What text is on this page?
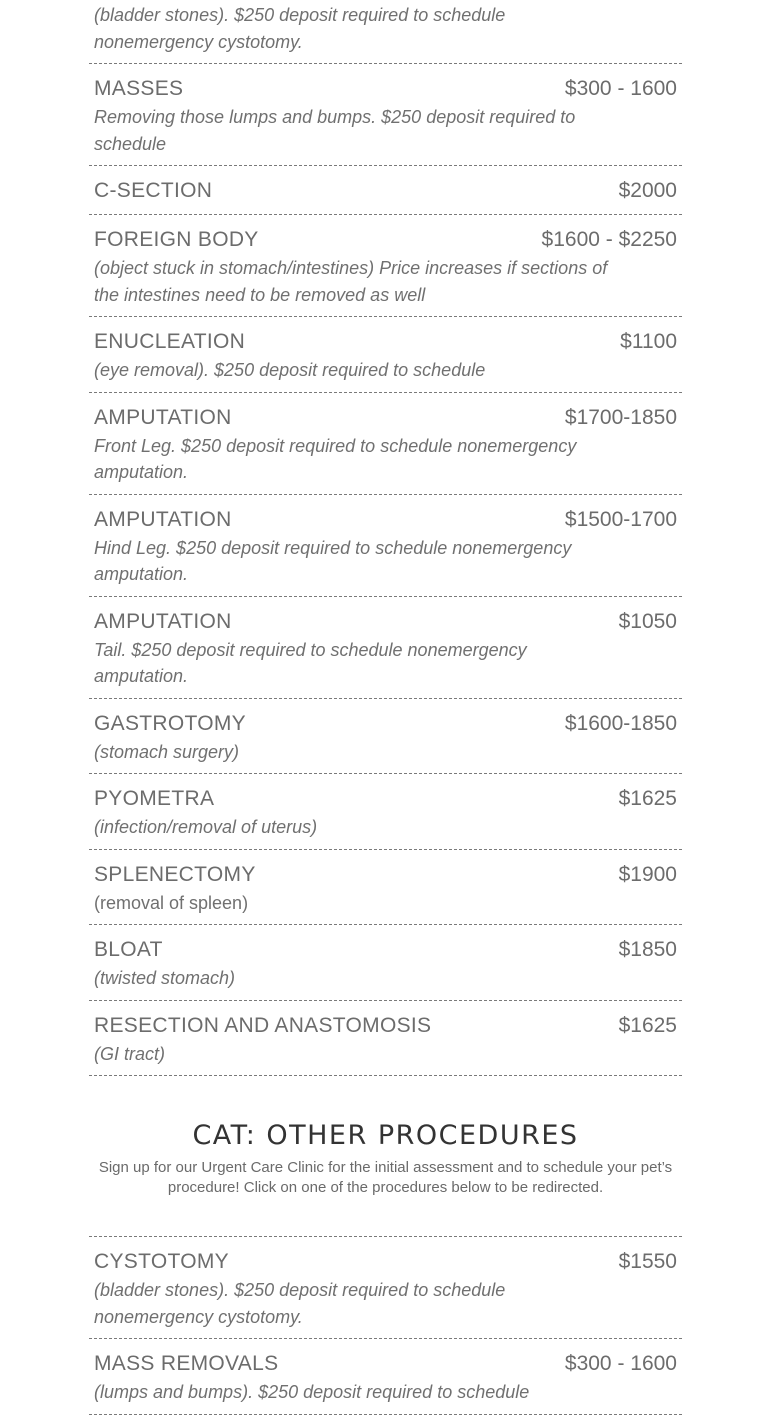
(bladder stones). $250 deposit required to schedule nonemergency cystotomy.
MASSES	$300 - 1600
Removing those lumps and bumps. $250 deposit required to schedule
C-SECTION	$2000
FOREIGN BODY	$1600 - $2250
(object stuck in stomach/intestines) Price increases if sections of the intestines need to be removed as well
ENUCLEATION	$1100
(eye removal). $250 deposit required to schedule
AMPUTATION	$1700-1850
Front Leg. $250 deposit required to schedule nonemergency amputation.
AMPUTATION	$1500-1700
Hind Leg. $250 deposit required to schedule nonemergency amputation.
AMPUTATION	$1050
Tail. $250 deposit required to schedule nonemergency amputation.
GASTROTOMY	$1600-1850
(stomach surgery)
PYOMETRA	$1625
(infection/removal of uterus)
SPLENECTOMY	$1900
(removal of spleen)
BLOAT	$1850
(twisted stomach)
RESECTION AND ANASTOMOSIS	$1625
(GI tract)
CAT: OTHER PROCEDURES

Sign up for our Urgent Care Clinic for the initial assessment and to schedule your pet’s procedure! Click on one of the procedures below to be redirected.

CYSTOTOMY	$1550
(bladder stones). $250 deposit required to schedule nonemergency cystotomy.
MASS REMOVALS	$300 - 1600
(lumps and bumps). $250 deposit required to schedule
